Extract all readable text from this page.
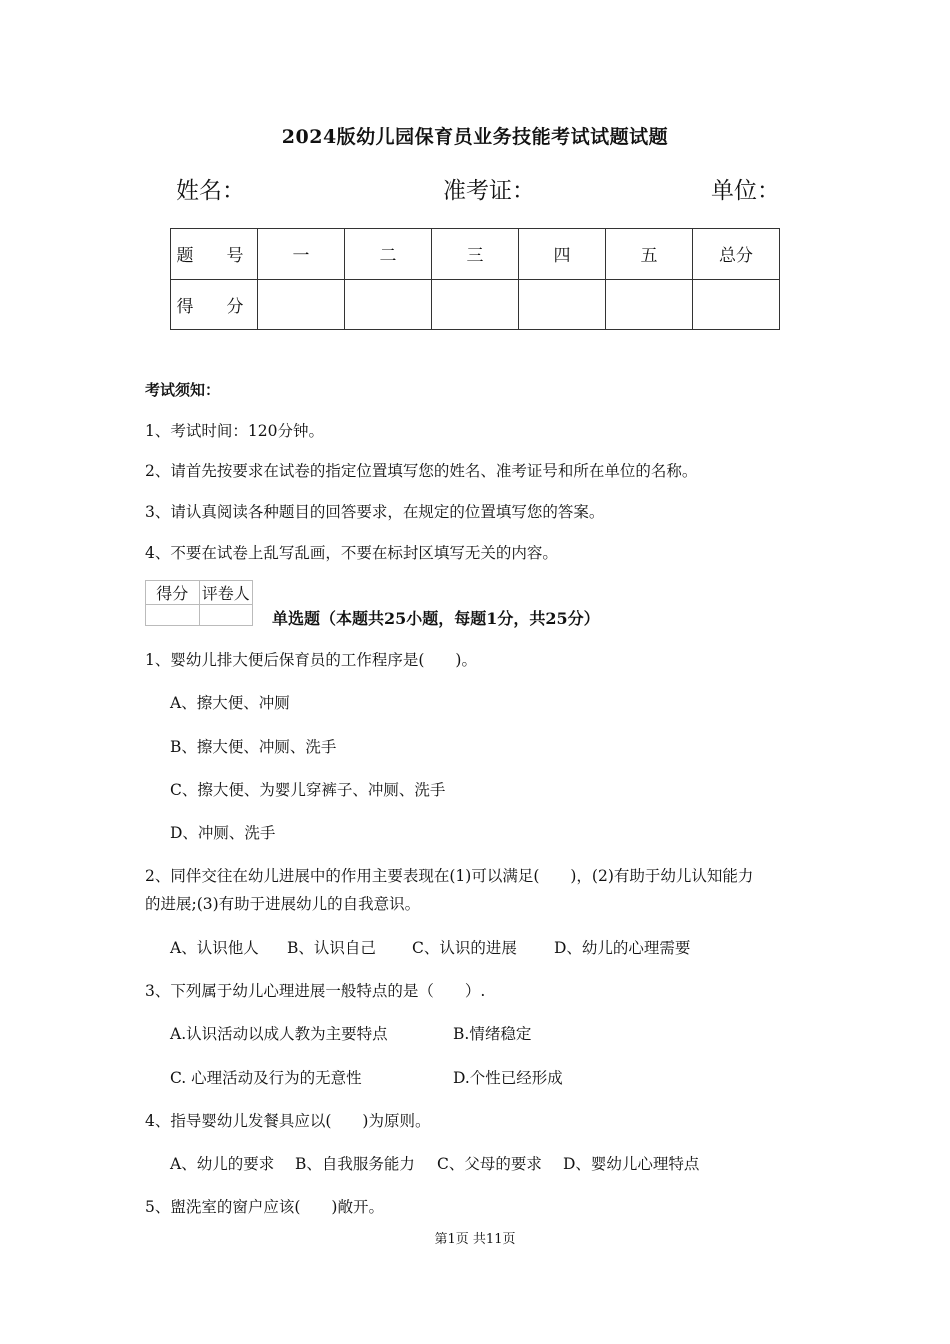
2024版幼儿园保育员业务技能考试试题试题
姓名：	准考证：	单位：
题　号	一	二	三	四	五	总分
得　分						
考试须知：
1、考试时间：120分钟。
2、请首先按要求在试卷的指定位置填写您的姓名、准考证号和所在单位的名称。
3、请认真阅读各种题目的回答要求，在规定的位置填写您的答案。
4、不要在试卷上乱写乱画，不要在标封区填写无关的内容。
得分	评卷人

单选题（本题共25小题，每题1分，共25分）
1、婴幼儿排大便后保育员的工作程序是(　　)。
A、擦大便、冲厕
B、擦大便、冲厕、洗手
C、擦大便、为婴儿穿裤子、冲厕、洗手
D、冲厕、洗手
2、同伴交往在幼儿进展中的作用主要表现在(1)可以满足(　　)，(2)有助于幼儿认知能力
的进展;(3)有助于进展幼儿的自我意识。
A、认识他人 B、认识自己 C、认识的进展 D、幼儿的心理需要
3、下列属于幼儿心理进展一般特点的是（　　）.
A.认识活动以成人教为主要特点	B.情绪稳定
C. 心理活动及行为的无意性	D.个性已经形成
4、指导婴幼儿发餐具应以(　　)为原则。
A、幼儿的要求 B、自我服务能力 C、父母的要求 D、婴幼儿心理特点
5、盥洗室的窗户应该(　　)敞开。
第1页 共11页
